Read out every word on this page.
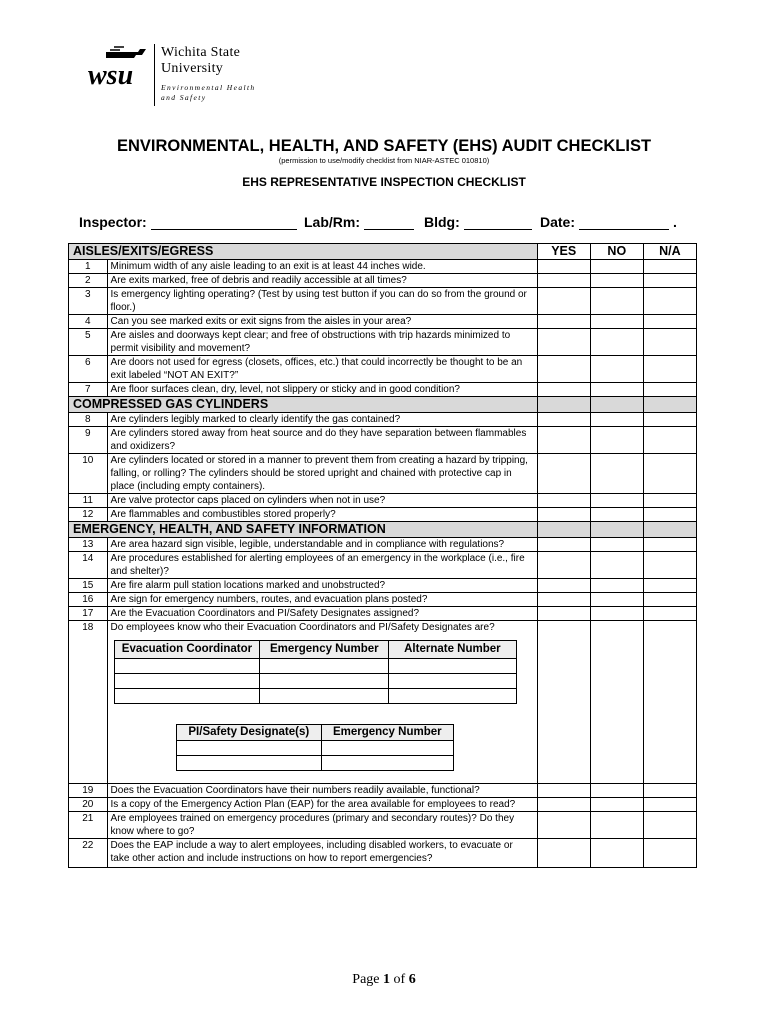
wsu
Wichita State
University
Environmental Health
and Safety
ENVIRONMENTAL, HEALTH, AND SAFETY (EHS) AUDIT CHECKLIST
(permission to use/modify checklist from NIAR-ASTEC 010810)
EHS REPRESENTATIVE INSPECTION CHECKLIST
Inspector:	Lab/Rm:	Bldg:	Date:	.
AISLES/EXITS/EGRESS	YES	NO	N/A
1	Minimum width of any aisle leading to an exit is at least 44 inches wide.

2	Are exits marked, free of debris and readily accessible at all times?

3	Is emergency lighting operating? (Test by using test button if you can do so from the ground or floor.)

4	Can you see marked exits or exit signs from the aisles in your area?

5	Are aisles and doorways kept clear; and free of obstructions with trip hazards minimized to permit visibility and movement?

6	Are doors not used for egress (closets, offices, etc.) that could incorrectly be thought to be an exit labeled “NOT AN EXIT?”

7	Are floor surfaces clean, dry, level, not slippery or sticky and in good condition?

COMPRESSED GAS CYLINDERS			
8	Are cylinders legibly marked to clearly identify the gas contained?

9	Are cylinders stored away from heat source and do they have separation between flammables and oxidizers?

10	Are cylinders located or stored in a manner to prevent them from creating a hazard by tripping, falling, or rolling? The cylinders should be stored upright and chained with protective cap in place (including empty containers).

11	Are valve protector caps placed on cylinders when not in use?

12	Are flammables and combustibles stored properly?

EMERGENCY, HEALTH, AND SAFETY INFORMATION			
13	Are area hazard sign visible, legible, understandable and in compliance with regulations?

14	Are procedures established for alerting employees of an emergency in the workplace (i.e., fire and shelter)?

15	Are fire alarm pull station locations marked and unobstructed?

16	Are sign for emergency numbers, routes, and evacuation plans posted?

17	Are the Evacuation Coordinators and PI/Safety Designates assigned?

18	Do employees know who their Evacuation Coordinators and PI/Safety Designates are?
Evacuation Coordinator	Emergency Number	Alternate Number

PI/Safety Designate(s)	Emergency Number

19	Does the Evacuation Coordinators have their numbers readily available, functional?

20	Is a copy of the Emergency Action Plan (EAP) for the area available for employees to read?

21	Are employees trained on emergency procedures (primary and secondary routes)? Do they know where to go?

22	Does the EAP include a way to alert employees, including disabled workers, to evacuate or take other action and include instructions on how to report emergencies?

Page 1 of 6
